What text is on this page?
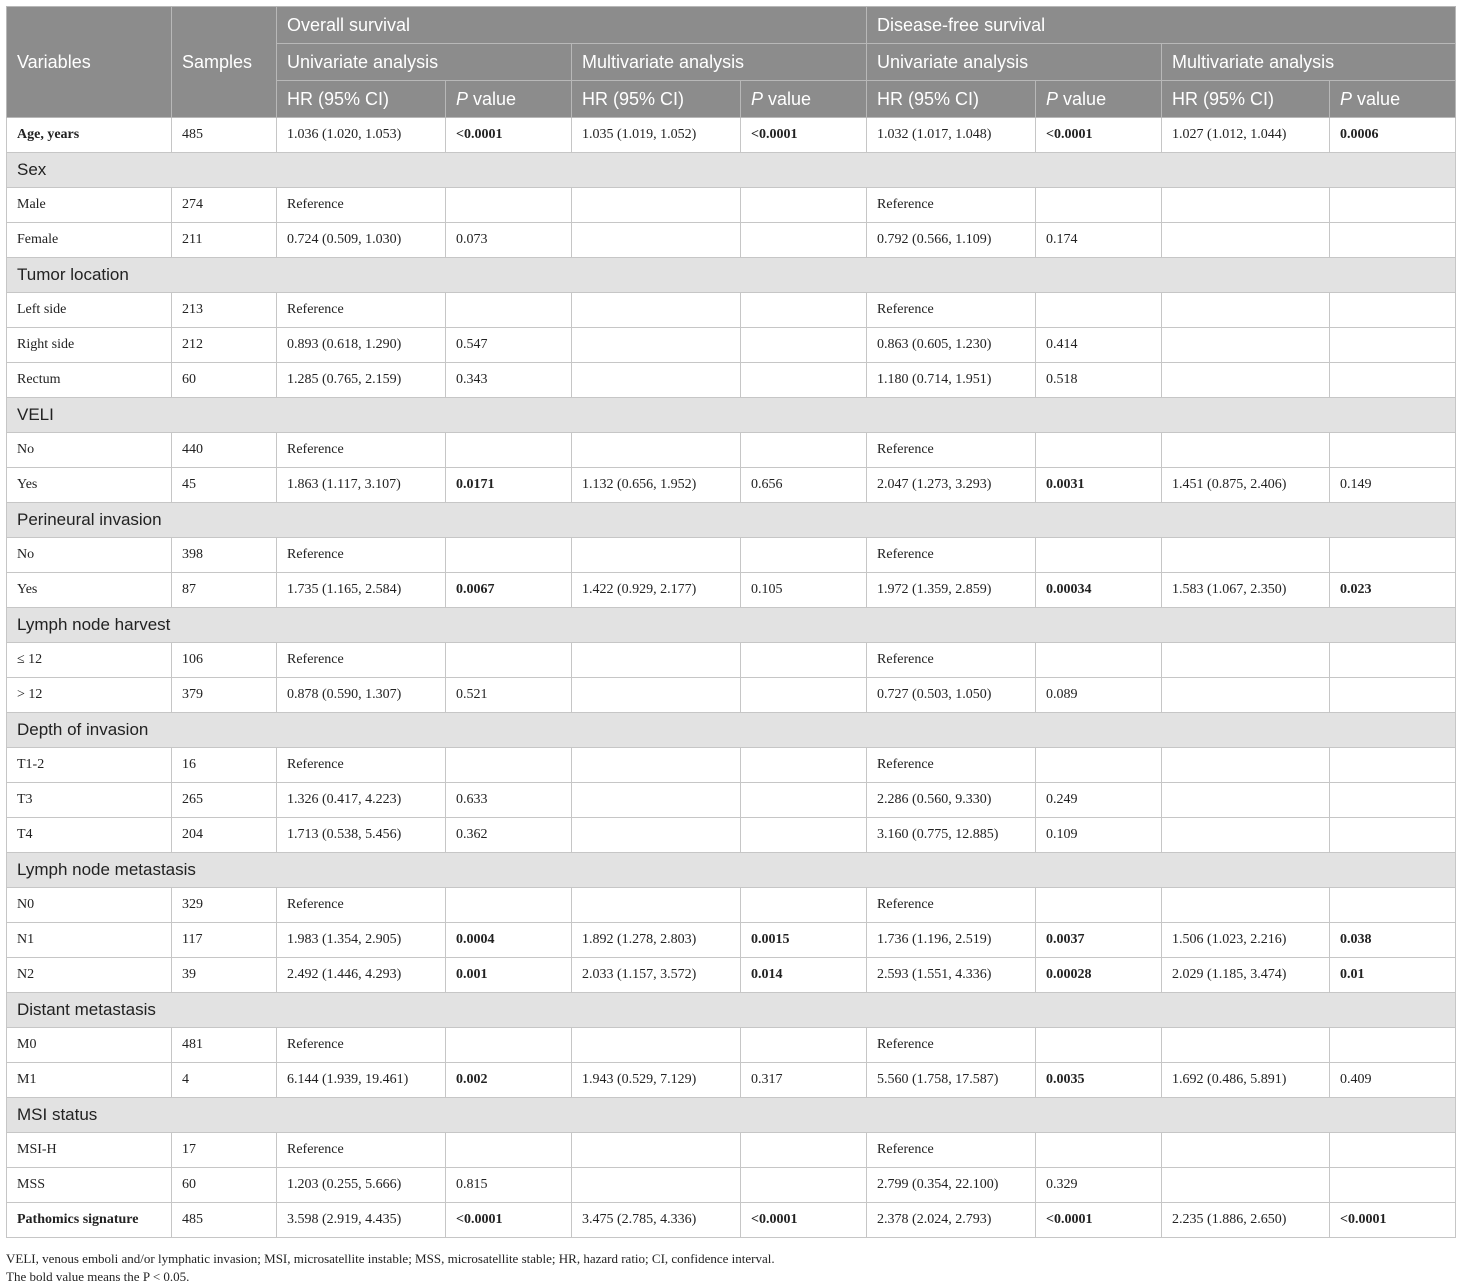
Variables	Samples	Overall survival				Disease-free survival			
		Univariate analysis		Multivariate analysis		Univariate analysis		Multivariate analysis	
		HR (95% CI)	P value	HR (95% CI)	P value	HR (95% CI)	P value	HR (95% CI)	P value
Age, years	485	1.036 (1.020, 1.053)	<0.0001	1.035 (1.019, 1.052)	<0.0001	1.032 (1.017, 1.048)	<0.0001	1.027 (1.012, 1.044)	0.0006
Sex									
Male	274	Reference				Reference			
Female	211	0.724 (0.509, 1.030)	0.073			0.792 (0.566, 1.109)	0.174		
Tumor location									
Left side	213	Reference				Reference			
Right side	212	0.893 (0.618, 1.290)	0.547			0.863 (0.605, 1.230)	0.414		
Rectum	60	1.285 (0.765, 2.159)	0.343			1.180 (0.714, 1.951)	0.518		
VELI									
No	440	Reference				Reference			
Yes	45	1.863 (1.117, 3.107)	0.0171	1.132 (0.656, 1.952)	0.656	2.047 (1.273, 3.293)	0.0031	1.451 (0.875, 2.406)	0.149
Perineural invasion									
No	398	Reference				Reference			
Yes	87	1.735 (1.165, 2.584)	0.0067	1.422 (0.929, 2.177)	0.105	1.972 (1.359, 2.859)	0.00034	1.583 (1.067, 2.350)	0.023
Lymph node harvest									
≤ 12	106	Reference				Reference			
> 12	379	0.878 (0.590, 1.307)	0.521			0.727 (0.503, 1.050)	0.089		
Depth of invasion									
T1-2	16	Reference				Reference			
T3	265	1.326 (0.417, 4.223)	0.633			2.286 (0.560, 9.330)	0.249		
T4	204	1.713 (0.538, 5.456)	0.362			3.160 (0.775, 12.885)	0.109		
Lymph node metastasis									
N0	329	Reference				Reference			
N1	117	1.983 (1.354, 2.905)	0.0004	1.892 (1.278, 2.803)	0.0015	1.736 (1.196, 2.519)	0.0037	1.506 (1.023, 2.216)	0.038
N2	39	2.492 (1.446, 4.293)	0.001	2.033 (1.157, 3.572)	0.014	2.593 (1.551, 4.336)	0.00028	2.029 (1.185, 3.474)	0.01
Distant metastasis									
M0	481	Reference				Reference			
M1	4	6.144 (1.939, 19.461)	0.002	1.943 (0.529, 7.129)	0.317	5.560 (1.758, 17.587)	0.0035	1.692 (0.486, 5.891)	0.409
MSI status									
MSI-H	17	Reference				Reference			
MSS	60	1.203 (0.255, 5.666)	0.815			2.799 (0.354, 22.100)	0.329		
Pathomics signature	485	3.598 (2.919, 4.435)	<0.0001	3.475 (2.785, 4.336)	<0.0001	2.378 (2.024, 2.793)	<0.0001	2.235 (1.886, 2.650)	<0.0001
VELI, venous emboli and/or lymphatic invasion; MSI, microsatellite instable; MSS, microsatellite stable; HR, hazard ratio; CI, confidence interval.
The bold value means the P < 0.05.
